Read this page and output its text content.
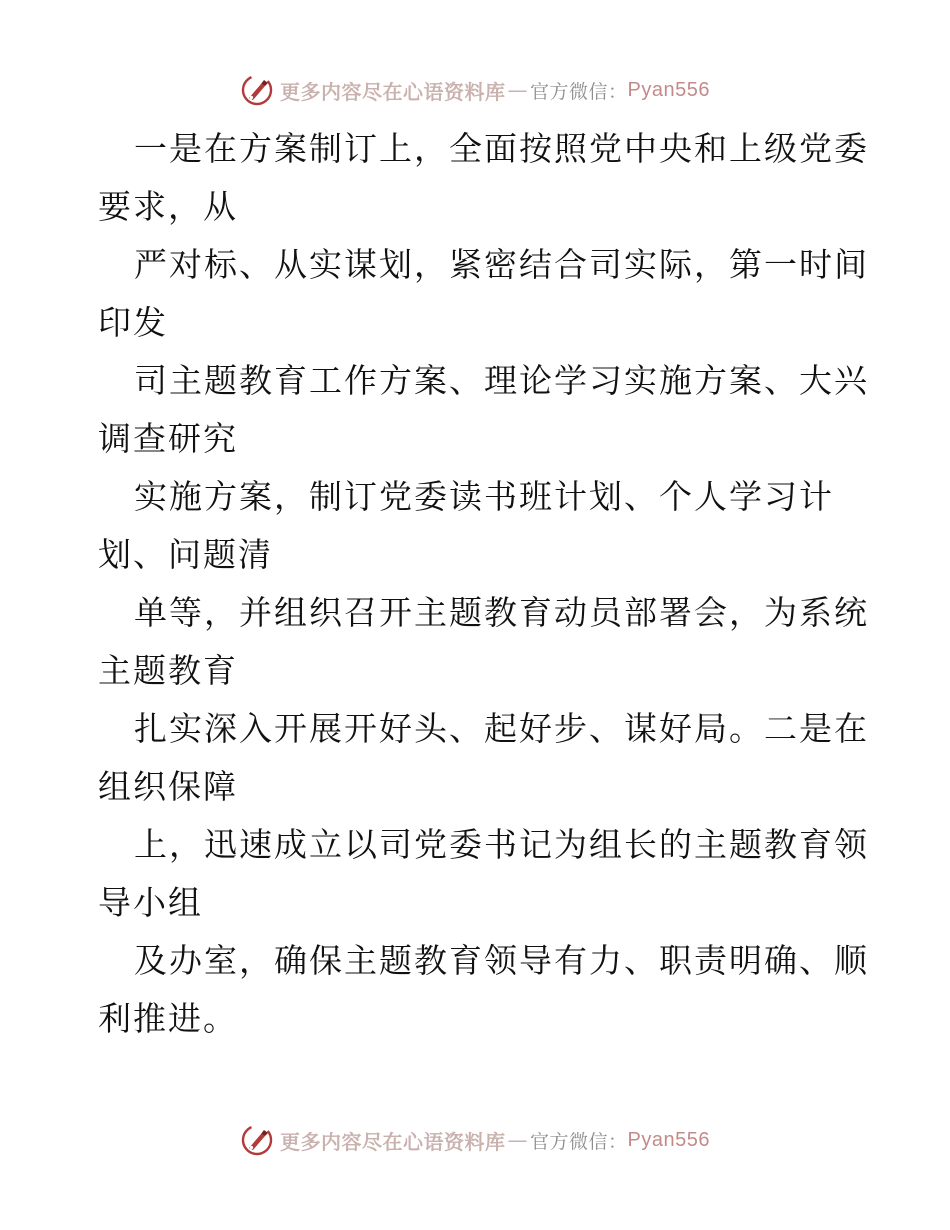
更多内容尽在心语资料库 — 官方微信： Pyan556
一是在方案制订上，全面按照党中央和上级党委
要求，从
严对标、从实谋划，紧密结合司实际，第一时间
印发
司主题教育工作方案、理论学习实施方案、大兴
调查研究
实施方案，制订党委读书班计划、个人学习计
划、问题清
单等，并组织召开主题教育动员部署会，为系统
主题教育
扎实深入开展开好头、起好步、谋好局。二是在
组织保障
上，迅速成立以司党委书记为组长的主题教育领
导小组
及办室，确保主题教育领导有力、职责明确、顺
利推进。
更多内容尽在心语资料库 — 官方微信： Pyan556
